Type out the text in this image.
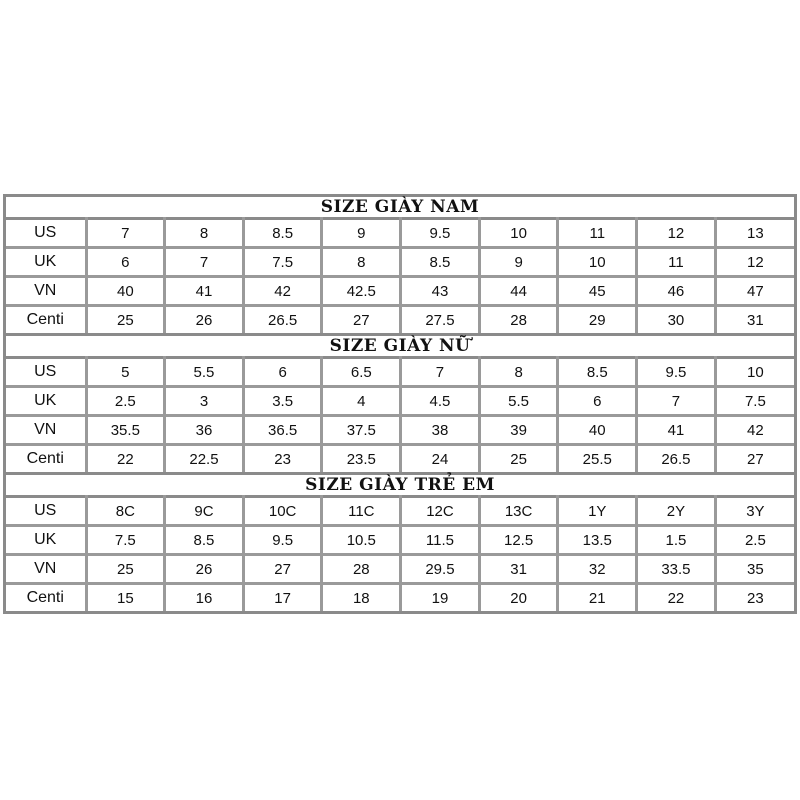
SIZE GIÀY NAM
US	7	8	8.5	9	9.5	10	11	12	13
UK	6	7	7.5	8	8.5	9	10	11	12
VN	40	41	42	42.5	43	44	45	46	47
Centi	25	26	26.5	27	27.5	28	29	30	31
SIZE GIÀY NỮ
US	5	5.5	6	6.5	7	8	8.5	9.5	10
UK	2.5	3	3.5	4	4.5	5.5	6	7	7.5
VN	35.5	36	36.5	37.5	38	39	40	41	42
Centi	22	22.5	23	23.5	24	25	25.5	26.5	27
SIZE GIÀY TRẺ EM
US	8C	9C	10C	11C	12C	13C	1Y	2Y	3Y
UK	7.5	8.5	9.5	10.5	11.5	12.5	13.5	1.5	2.5
VN	25	26	27	28	29.5	31	32	33.5	35
Centi	15	16	17	18	19	20	21	22	23
